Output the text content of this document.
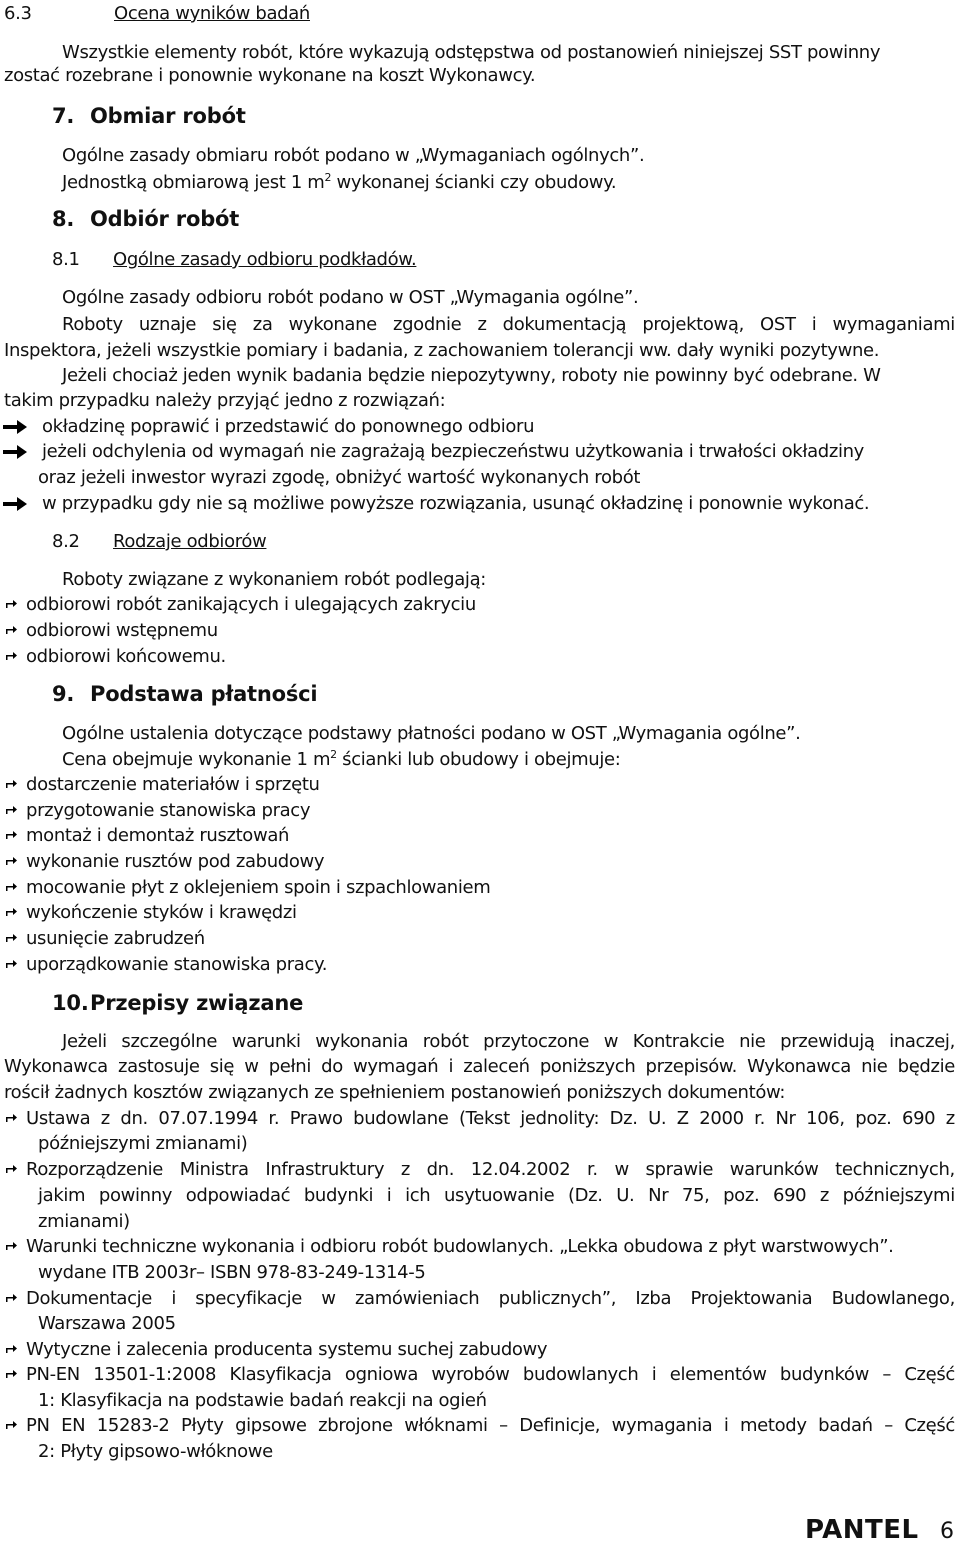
6.3	Ocena wyników badań
Wszystkie elementy robót, które wykazują odstępstwa od postanowień niniejszej SST powinny
zostać rozebrane i ponownie wykonane na koszt Wykonawcy.
7. Obmiar robót
Ogólne zasady obmiaru robót podano w „Wymaganiach ogólnych”.
Jednostką obmiarową jest 1 $m^2$ wykonanej ścianki czy obudowy.
8. Odbiór robót
8.1 Ogólne zasady odbioru podkładów.
Ogólne zasady odbioru robót podano w OST „Wymagania ogólne”.
Roboty uznaje się za wykonane zgodnie z dokumentacją projektową, OST i wymaganiami
Inspektora, jeżeli wszystkie pomiary i badania, z zachowaniem tolerancji ww. dały wyniki pozytywne.
Jeżeli chociaż jeden wynik badania będzie niepozytywny, roboty nie powinny być odebrane. W
takim przypadku należy przyjąć jedno z rozwiązań:
okładzinę poprawić i przedstawić do ponownego odbioru
jeżeli odchylenia od wymagań nie zagrażają bezpieczeństwu użytkowania i trwałości okładziny
oraz jeżeli inwestor wyrazi zgodę, obniżyć wartość wykonanych robót
w przypadku gdy nie są możliwe powyższe rozwiązania, usunąć okładzinę i ponownie wykonać.
8.2 Rodzaje odbiorów
Roboty związane z wykonaniem robót podlegają:
odbiorowi robót zanikających i ulegających zakryciu
odbiorowi wstępnemu
odbiorowi końcowemu.
9. Podstawa płatności
Ogólne ustalenia dotyczące podstawy płatności podano w OST „Wymagania ogólne”.
Cena obejmuje wykonanie 1 $m^2$ ścianki lub obudowy i obejmuje:
dostarczenie materiałów i sprzętu
przygotowanie stanowiska pracy
montaż i demontaż rusztowań
wykonanie rusztów pod zabudowy
mocowanie płyt z oklejeniem spoin i szpachlowaniem
wykończenie styków i krawędzi
usunięcie zabrudzeń
uporządkowanie stanowiska pracy.
10. Przepisy związane
Jeżeli szczególne warunki wykonania robót przytoczone w Kontrakcie nie przewidują inaczej,
Wykonawca zastosuje się w pełni do wymagań i zaleceń poniższych przepisów. Wykonawca nie będzie
rościł żadnych kosztów związanych ze spełnieniem postanowień poniższych dokumentów:
Ustawa z dn. 07.07.1994 r. Prawo budowlane (Tekst jednolity: Dz. U. Z 2000 r. Nr 106, poz. 690 z
późniejszymi zmianami)
Rozporządzenie Ministra Infrastruktury z dn. 12.04.2002 r. w sprawie warunków technicznych,
jakim powinny odpowiadać budynki i ich usytuowanie (Dz. U. Nr 75, poz. 690 z późniejszymi
zmianami)
Warunki techniczne wykonania i odbioru robót budowlanych. „Lekka obudowa z płyt warstwowych”.
wydane ITB 2003r– ISBN 978-83-249-1314-5
Dokumentacje i specyfikacje w zamówieniach publicznych”, Izba Projektowania Budowlanego,
Warszawa 2005
Wytyczne i zalecenia producenta systemu suchej zabudowy
PN-EN 13501-1:2008 Klasyfikacja ogniowa wyrobów budowlanych i elementów budynków – Część
1: Klasyfikacja na podstawie badań reakcji na ogień
PN EN 15283-2 Płyty gipsowe zbrojone włóknami – Definicje, wymagania i metody badań – Część
2: Płyty gipsowo-włóknowe
PANTEL 6
